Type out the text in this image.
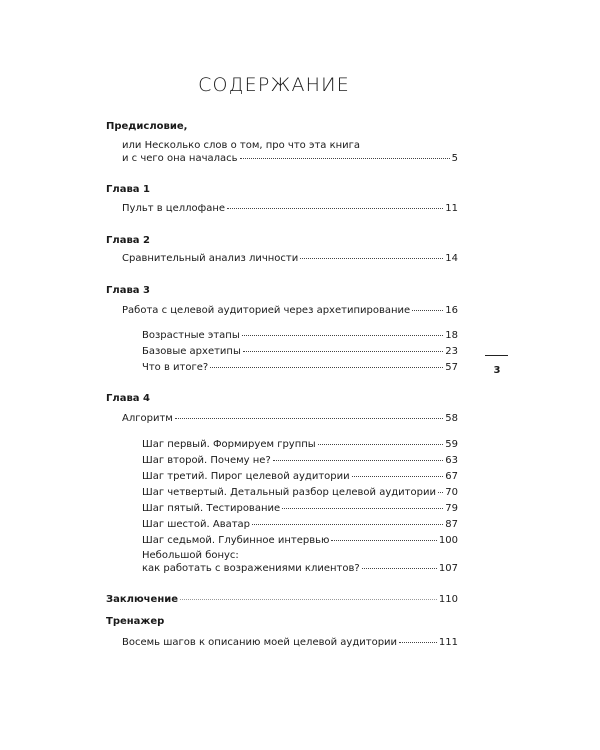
СОДЕРЖАНИЕ
Предисловие,
или Несколько слов о том, про что эта книга
и с чего она началась	5
Глава 1
Пульт в целлофане	11
Глава 2
Сравнительный анализ личности	14
Глава 3
Работа с целевой аудиторией через архетипирование	16
Возрастные этапы	18
Базовые архетипы	23
Что в итоге?	57
Глава 4
Алгоритм	58
Шаг первый. Формируем группы	59
Шаг второй. Почему не?	63
Шаг третий. Пирог целевой аудитории	67
Шаг четвертый. Детальный разбор целевой аудитории 70
Шаг пятый. Тестирование	79
Шаг шестой. Аватар	87
Шаг седьмой. Глубинное интервью	100
Небольшой бонус:
как работать с возражениями клиентов?	107
Заключение	110
Тренажер
Восемь шагов к описанию моей целевой аудитории	111
3
